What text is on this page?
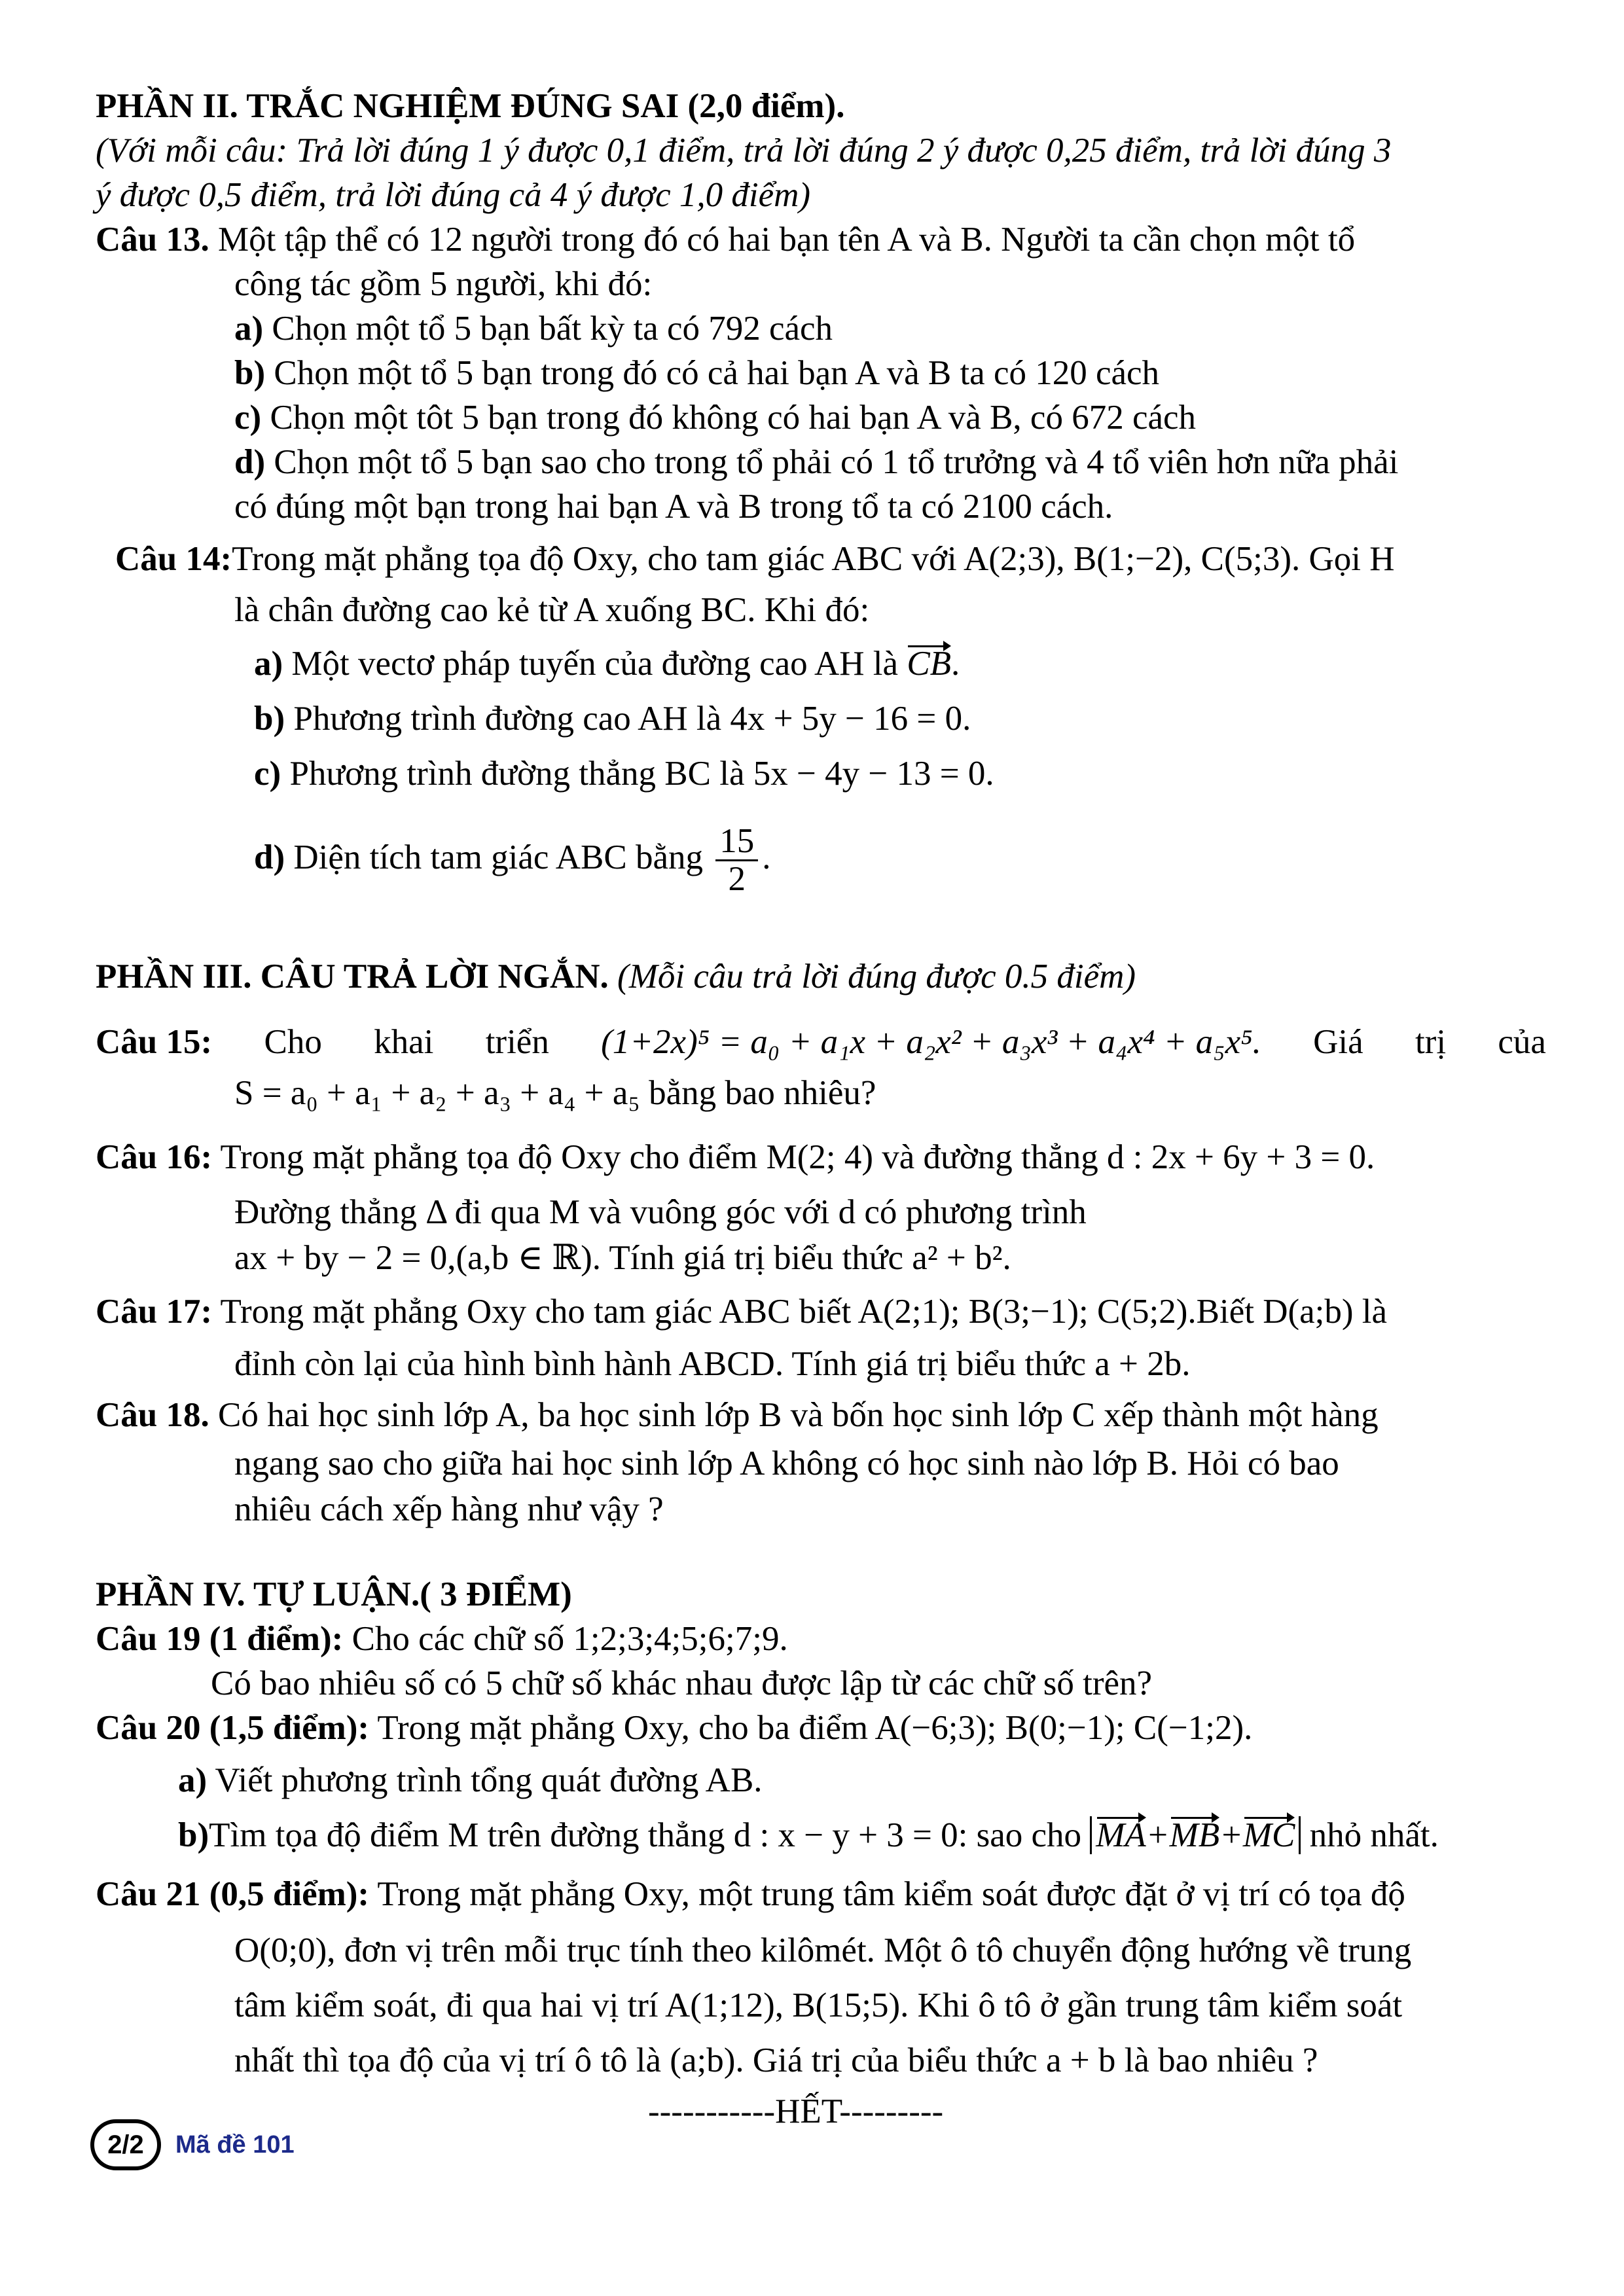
PHẦN II. TRẮC NGHIỆM ĐÚNG SAI (2,0 điểm).
(Với mỗi câu: Trả lời đúng 1 ý được 0,1 điểm, trả lời đúng 2 ý được 0,25 điểm, trả lời đúng 3
ý được 0,5 điểm, trả lời đúng cả 4 ý được 1,0 điểm)
Câu 13. Một tập thể có 12 người trong đó có hai bạn tên A và B. Người ta cần chọn một tổ
công tác gồm 5 người, khi đó:
a) Chọn một tổ 5 bạn bất kỳ ta có 792 cách
b) Chọn một tổ 5 bạn trong đó có cả hai bạn A và B ta có 120 cách
c) Chọn một tôt 5 bạn trong đó không có hai bạn A và B, có 672 cách
d) Chọn một tổ 5 bạn sao cho trong tổ phải có 1 tổ trưởng và 4 tổ viên hơn nữa phải
có đúng một bạn trong hai bạn A và B trong tổ ta có 2100 cách.
Câu 14:Trong mặt phẳng tọa độ Oxy, cho tam giác ABC với A(2;3), B(1;−2), C(5;3). Gọi H
là chân đường cao kẻ từ A xuống BC. Khi đó:
a) Một vectơ pháp tuyến của đường cao AH là CB.
b) Phương trình đường cao AH là 4x + 5y − 16 = 0.
c) Phương trình đường thẳng BC là 5x − 4y − 13 = 0.
d) Diện tích tam giác ABC bằng $\frac{15}{2}$ .
PHẦN III. CÂU TRẢ LỜI NGẮN. (Mỗi câu trả lời đúng được 0.5 điểm)
Câu 15: Cho khai triển (1+2x)⁵ = a₀ + a₁x + a₂x² + a₃x³ + a₄x⁴ + a₅x⁵. Giá trị của
S = a₀ + a₁ + a₂ + a₃ + a₄ + a₅ bằng bao nhiêu?
Câu 16: Trong mặt phẳng tọa độ Oxy cho điểm M(2; 4) và đường thẳng d : 2x + 6y + 3 = 0.
Đường thẳng Δ đi qua M và vuông góc với d có phương trình
ax + by − 2 = 0,(a,b ∈ ℝ). Tính giá trị biểu thức a² + b².
Câu 17: Trong mặt phẳng Oxy cho tam giác ABC biết A(2;1); B(3;−1); C(5;2).Biết D(a;b) là
đỉnh còn lại của hình bình hành ABCD. Tính giá trị biểu thức a + 2b.
Câu 18. Có hai học sinh lớp A, ba học sinh lớp B và bốn học sinh lớp C xếp thành một hàng
ngang sao cho giữa hai học sinh lớp A không có học sinh nào lớp B. Hỏi có bao
nhiêu cách xếp hàng như vậy ?
PHẦN IV. TỰ LUẬN.( 3 ĐIỂM)
Câu 19 (1 điểm): Cho các chữ số 1;2;3;4;5;6;7;9.
Có bao nhiêu số có 5 chữ số khác nhau được lập từ các chữ số trên?
Câu 20 (1,5 điểm): Trong mặt phẳng Oxy, cho ba điểm A(−6;3); B(0;−1); C(−1;2).
a) Viết phương trình tổng quát đường AB.
b)Tìm tọa độ điểm M trên đường thẳng d : x − y + 3 = 0: sao cho MA+MB+MC nhỏ nhất.
Câu 21 (0,5 điểm): Trong mặt phẳng Oxy, một trung tâm kiểm soát được đặt ở vị trí có tọa độ
O(0;0), đơn vị trên mỗi trục tính theo kilômét. Một ô tô chuyển động hướng về trung
tâm kiểm soát, đi qua hai vị trí A(1;12), B(15;5). Khi ô tô ở gần trung tâm kiểm soát
nhất thì tọa độ của vị trí ô tô là (a;b). Giá trị của biểu thức a + b là bao nhiêu ?
-----------HẾT---------
2/2	Mã đề 101
